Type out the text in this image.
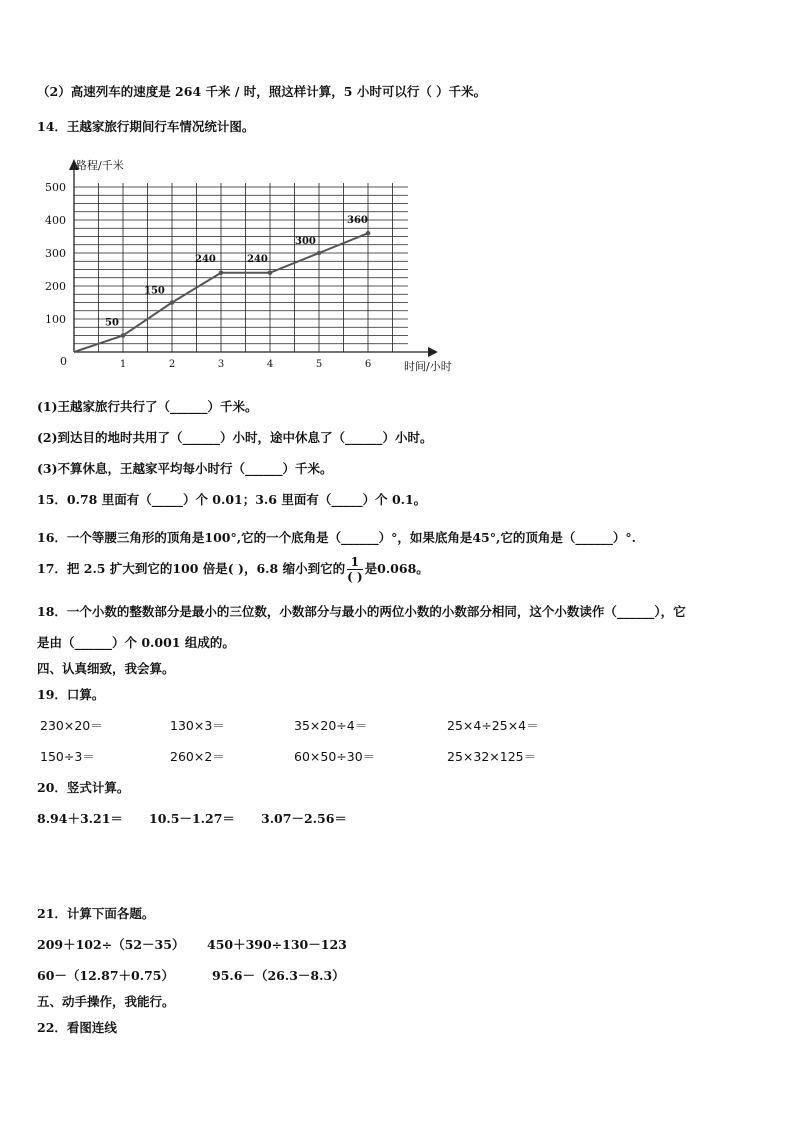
（2）高速列车的速度是 264 千米 / 时，照这样计算，5 小时可以行（ ）千米。
14．王越家旅行期间行车情况统计图。
路程/千米
时间/小时
0
100
200
300
400
500
1	2	3	4	5	6
50
150
240	240
300
360
(1)王越家旅行共行了（______）千米。
(2)到达目的地时共用了（______）小时，途中休息了（______）小时。
(3)不算休息，王越家平均每小时行（______）千米。
15．0.78 里面有（_____）个 0.01；3.6 里面有（_____）个 0.1。
16．一个等腰三角形的顶角是100°,它的一个底角是（______）°，如果底角是45°,它的顶角是（______）°.
17．把 2.5 扩大到它的100 倍是( )，6.8 缩小到它的 $\frac{1}{( )}$ 是0.068。
18．一个小数的整数部分是最小的三位数，小数部分与最小的两位小数的小数部分相同，这个小数读作（______），它
是由（______）个 0.001 组成的。
四、认真细致，我会算。
19．口算。
230×20＝	130×3＝	35×20÷4＝	25×4÷25×4＝
150÷3＝	260×2＝	60×50÷30＝	25×32×125＝
20．竖式计算。
8.94＋3.21＝      10.5－1.27＝      3.07－2.56＝
21．计算下面各题。
209＋102÷（52－35） 450＋390÷130－123
60－（12.87＋0.75）	95.6－（26.3－8.3）
五、动手操作，我能行。
22．看图连线
